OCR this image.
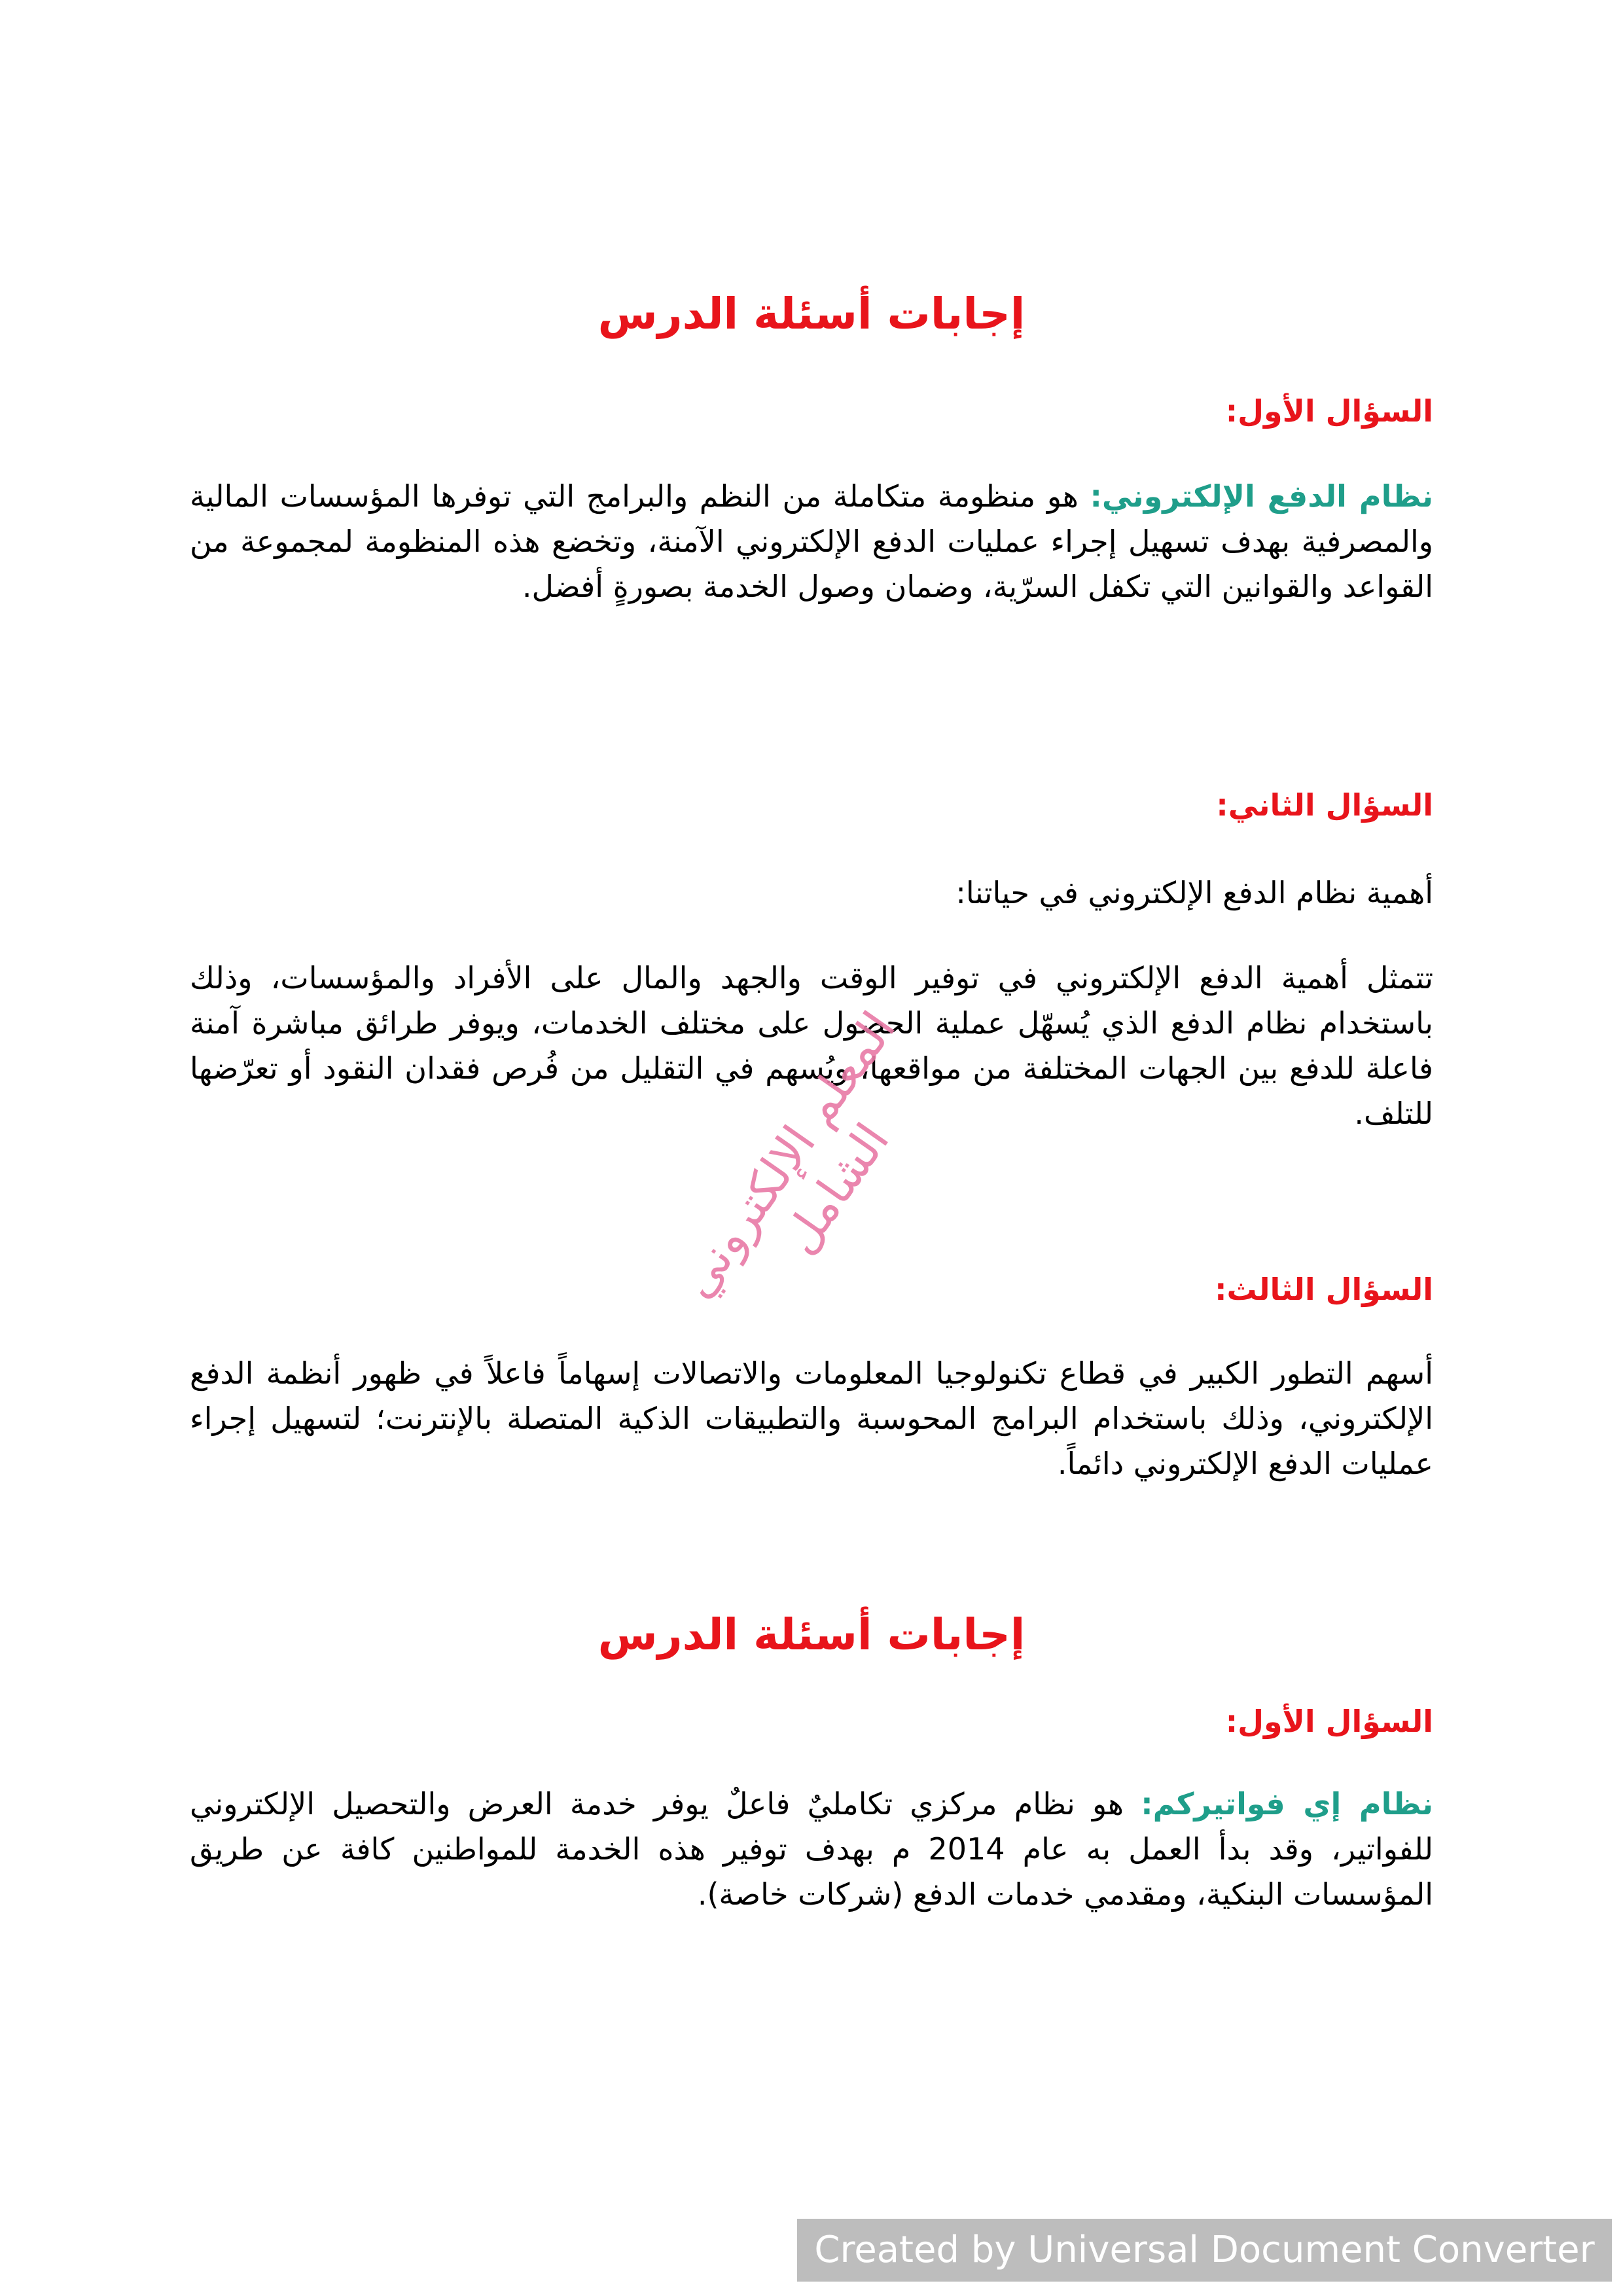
إجابات أسئلة الدرس
السؤال الأول:

نظام الدفع الإلكتروني: هو منظومة متكاملة من النظم والبرامج التي توفرها المؤسسات المالية والمصرفية بهدف تسهيل إجراء عمليات الدفع الإلكتروني الآمنة، وتخضع هذه المنظومة لمجموعة من القواعد والقوانين التي تكفل السرّية، وضمان وصول الخدمة بصورةٍ أفضل.

السؤال الثاني:

أهمية نظام الدفع الإلكتروني في حياتنا:

تتمثل أهمية الدفع الإلكتروني في توفير الوقت والجهد والمال على الأفراد والمؤسسات، وذلك باستخدام نظام الدفع الذي يُسهّل عملية الحصول على مختلف الخدمات، ويوفر طرائق مباشرة آمنة فاعلة للدفع بين الجهات المختلفة من مواقعها، ويُسهم في التقليل من فُرص فقدان النقود أو تعرّضها للتلف.

السؤال الثالث:

أسهم التطور الكبير في قطاع تكنولوجيا المعلومات والاتصالات إسهاماً فاعلاً في ظهور أنظمة الدفع الإلكتروني، وذلك باستخدام البرامج المحوسبة والتطبيقات الذكية المتصلة بالإنترنت؛ لتسهيل إجراء عمليات الدفع الإلكتروني دائماً.

إجابات أسئلة الدرس
السؤال الأول:

نظام إي فواتيركم: هو نظام مركزي تكامليٌ فاعلٌ يوفر خدمة العرض والتحصيل الإلكتروني للفواتير، وقد بدأ العمل به عام 2014 م بهدف توفير هذه الخدمة للمواطنين كافة عن طريق المؤسسات البنكية، ومقدمي خدمات الدفع (شركات خاصة).

المعلم الإلكتروني الشامل
Created by Universal Document Converter
